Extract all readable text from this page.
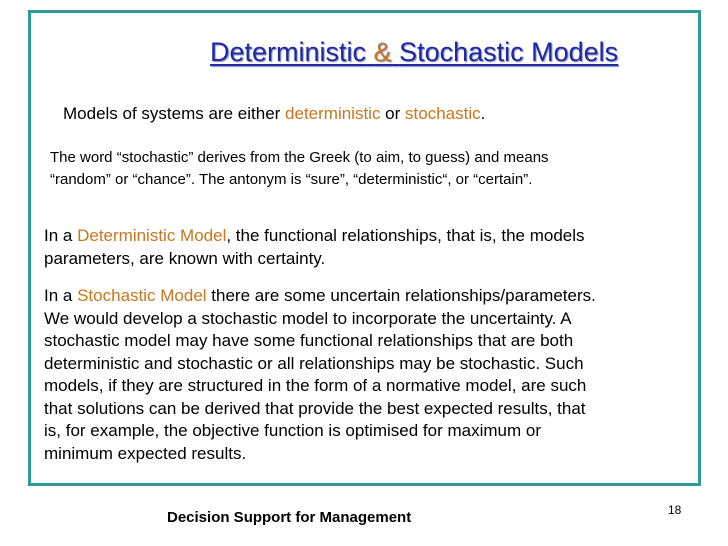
Deterministic & Stochastic Models

Models of systems are either deterministic or stochastic.

The word “stochastic” derives from the Greek (to aim, to guess) and means
“random” or “chance”. The antonym is “sure”, “deterministic“, or “certain”.

In a Deterministic Model, the functional relationships, that is, the models
parameters, are known with certainty.

In a Stochastic Model there are some uncertain relationships/parameters.
We would develop a stochastic model to incorporate the uncertainty. A
stochastic model may have some functional relationships that are both
deterministic and stochastic or all relationships may be stochastic. Such
models, if they are structured in the form of a normative model, are such
that solutions can be derived that provide the best expected results, that
is, for example, the objective function is optimised for maximum or
minimum expected results.

18
Decision Support for Management
